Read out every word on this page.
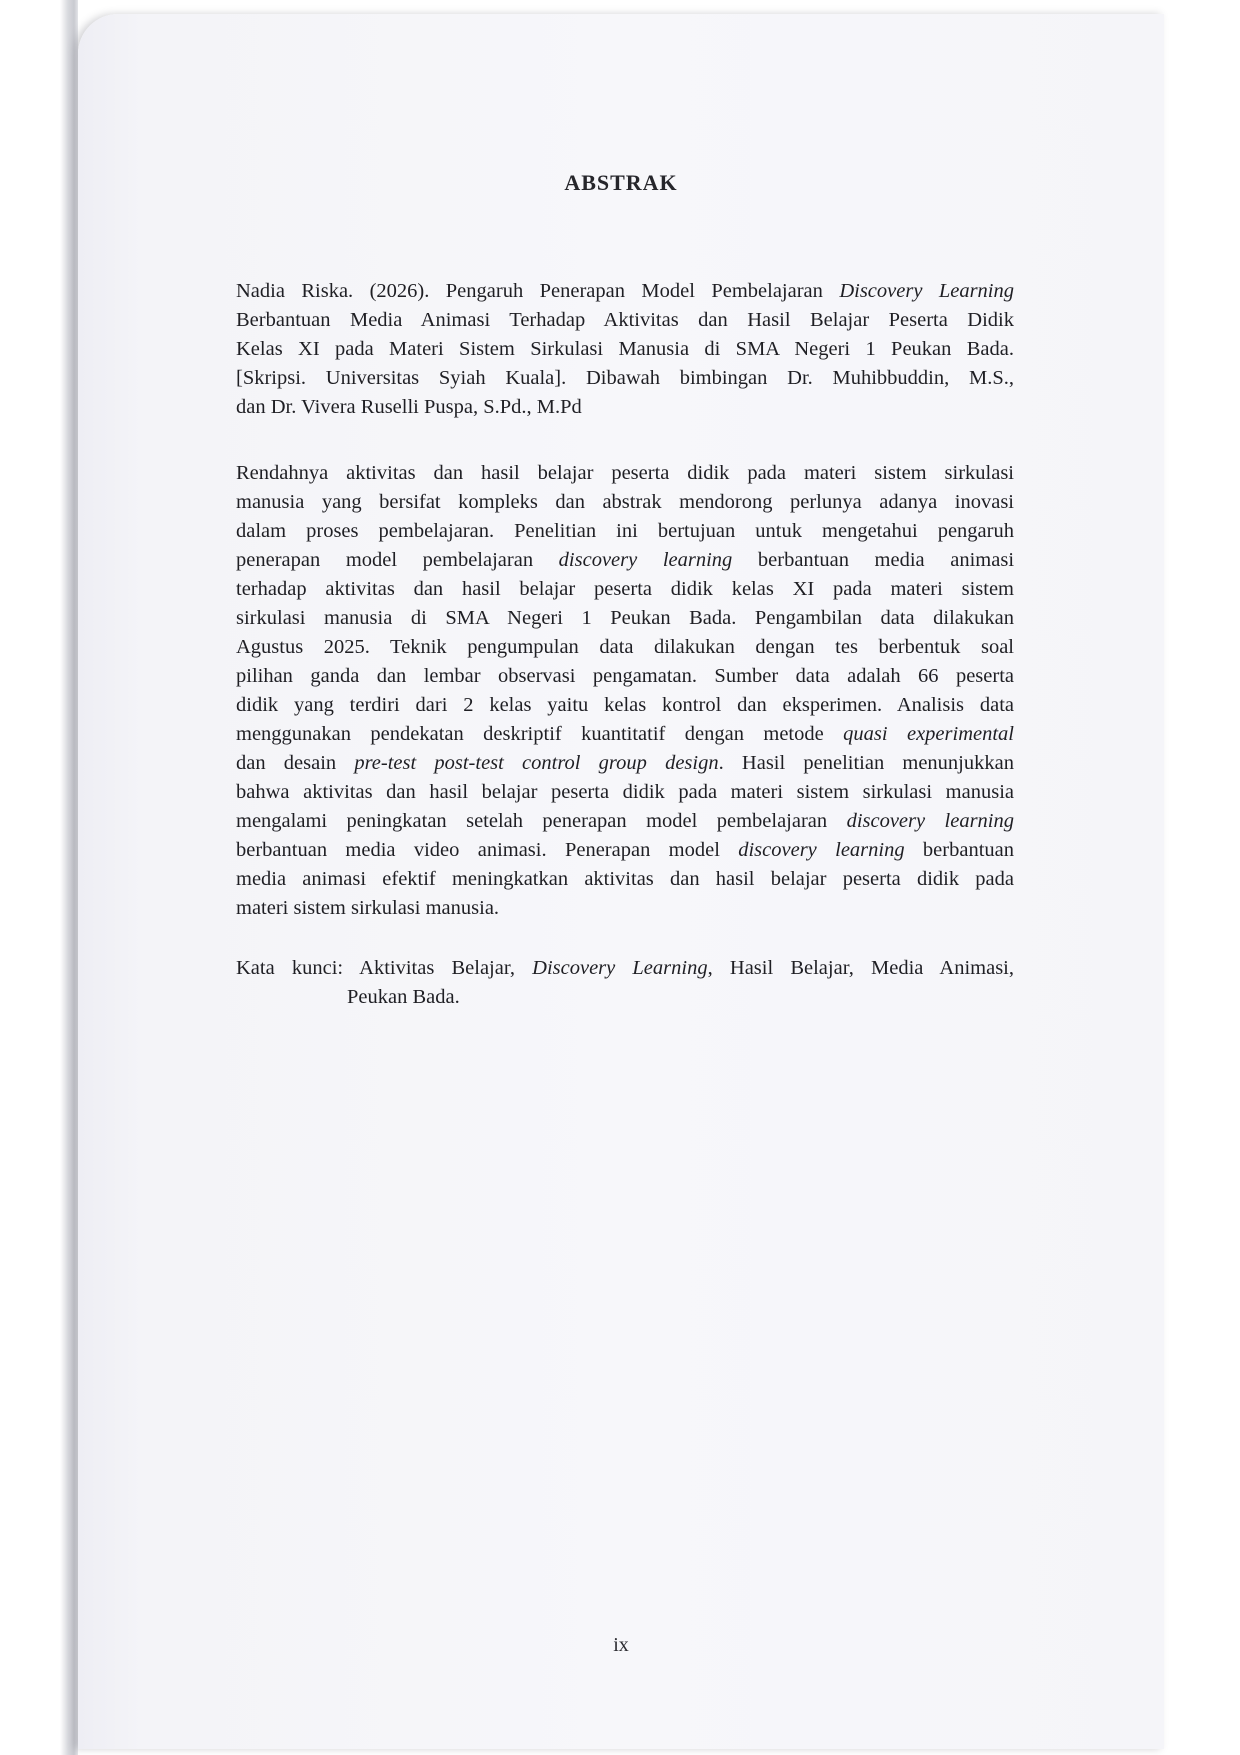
ABSTRAK
Nadia Riska. (2026). Pengaruh Penerapan Model Pembelajaran Discovery Learning
Berbantuan Media Animasi Terhadap Aktivitas dan Hasil Belajar Peserta Didik
Kelas XI pada Materi Sistem Sirkulasi Manusia di SMA Negeri 1 Peukan Bada.
[Skripsi. Universitas Syiah Kuala]. Dibawah bimbingan Dr. Muhibbuddin, M.S.,
dan Dr. Vivera Ruselli Puspa, S.Pd., M.Pd
Rendahnya aktivitas dan hasil belajar peserta didik pada materi sistem sirkulasi
manusia yang bersifat kompleks dan abstrak mendorong perlunya adanya inovasi
dalam proses pembelajaran. Penelitian ini bertujuan untuk mengetahui pengaruh
penerapan model pembelajaran discovery learning berbantuan media animasi
terhadap aktivitas dan hasil belajar peserta didik kelas XI pada materi sistem
sirkulasi manusia di SMA Negeri 1 Peukan Bada. Pengambilan data dilakukan
Agustus 2025. Teknik pengumpulan data dilakukan dengan tes berbentuk soal
pilihan ganda dan lembar observasi pengamatan. Sumber data adalah 66 peserta
didik yang terdiri dari 2 kelas yaitu kelas kontrol dan eksperimen. Analisis data
menggunakan pendekatan deskriptif kuantitatif dengan metode quasi experimental
dan desain pre-test post-test control group design. Hasil penelitian menunjukkan
bahwa aktivitas dan hasil belajar peserta didik pada materi sistem sirkulasi manusia
mengalami peningkatan setelah penerapan model pembelajaran discovery learning
berbantuan media video animasi. Penerapan model discovery learning berbantuan
media animasi efektif meningkatkan aktivitas dan hasil belajar peserta didik pada
materi sistem sirkulasi manusia.
Kata kunci: Aktivitas Belajar, Discovery Learning, Hasil Belajar, Media Animasi,
Peukan Bada.
ix
